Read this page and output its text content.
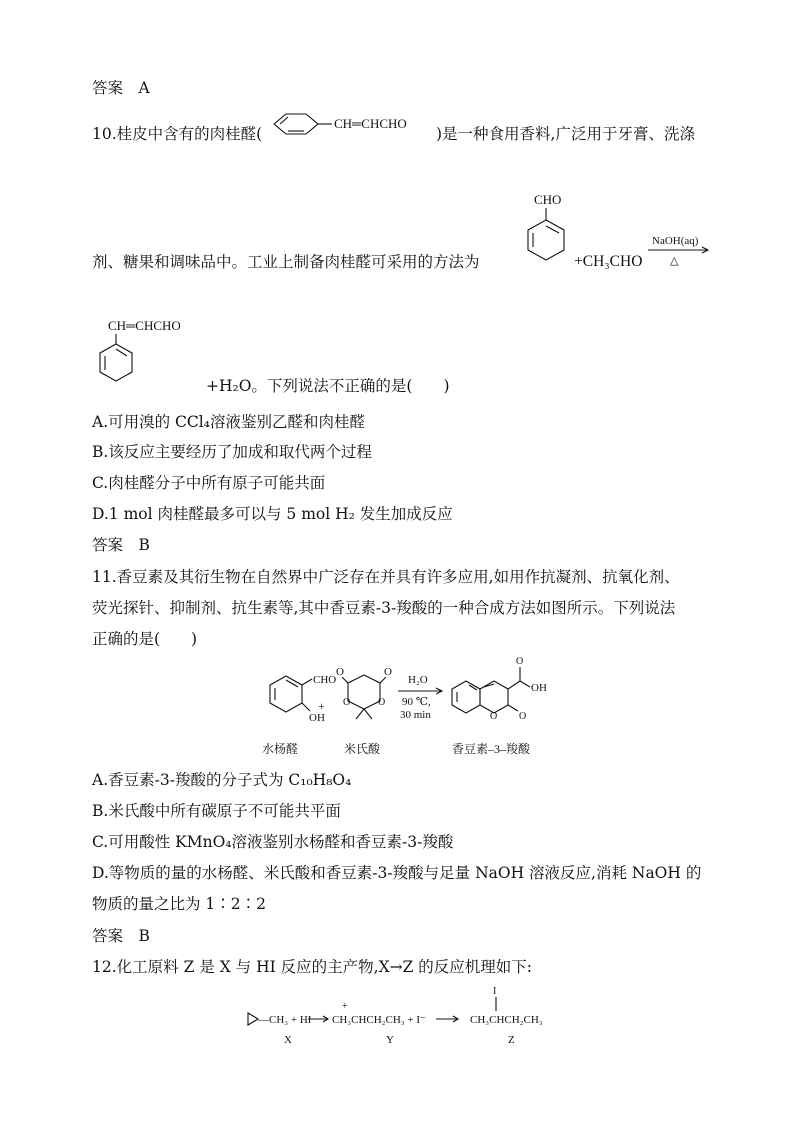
答案　A
10.桂皮中含有的肉桂醛(
CH═CHCHO
)是一种食用香料,广泛用于牙膏、洗涤
CHO
剂、糖果和调味品中。工业上制备肉桂醛可采用的方法为	+CH₃CHO
NaOH(aq)
△
CH═CHCHO
+H₂O。下列说法不正确的是(　　)
A.可用溴的 CCl₄溶液鉴别乙醛和肉桂醛
B.该反应主要经历了加成和取代两个过程
C.肉桂醛分子中所有原子可能共面
D.1 mol 肉桂醛最多可以与 5 mol H₂ 发生加成反应
答案　B
11.香豆素及其衍生物在自然界中广泛存在并具有许多应用,如用作抗凝剂、抗氧化剂、
荧光探针、抑制剂、抗生素等,其中香豆素-3-羧酸的一种合成方法如图所示。下列说法
正确的是(　　)
CHO
OH
+
O	O
O	O
H₂O
90 ℃,
30 min	O O
O
OH
水杨醛	米氏酸	香豆素–3–羧酸
A.香豆素-3-羧酸的分子式为 C₁₀H₈O₄
B.米氏酸中所有碳原子不可能共平面
C.可用酸性 KMnO₄溶液鉴别水杨醛和香豆素-3-羧酸
D.等物质的量的水杨醛、米氏酸和香豆素-3-羧酸与足量 NaOH 溶液反应,消耗 NaOH 的
物质的量之比为 1∶2∶2
答案　B
12.化工原料 Z 是 X 与 HI 反应的主产物,X→Z 的反应机理如下:
—CH₃ + HI
+
CH₃CHCH₂CH₃ + I⁻
I
CH₃CHCH₂CH₃
X	Y	Z
